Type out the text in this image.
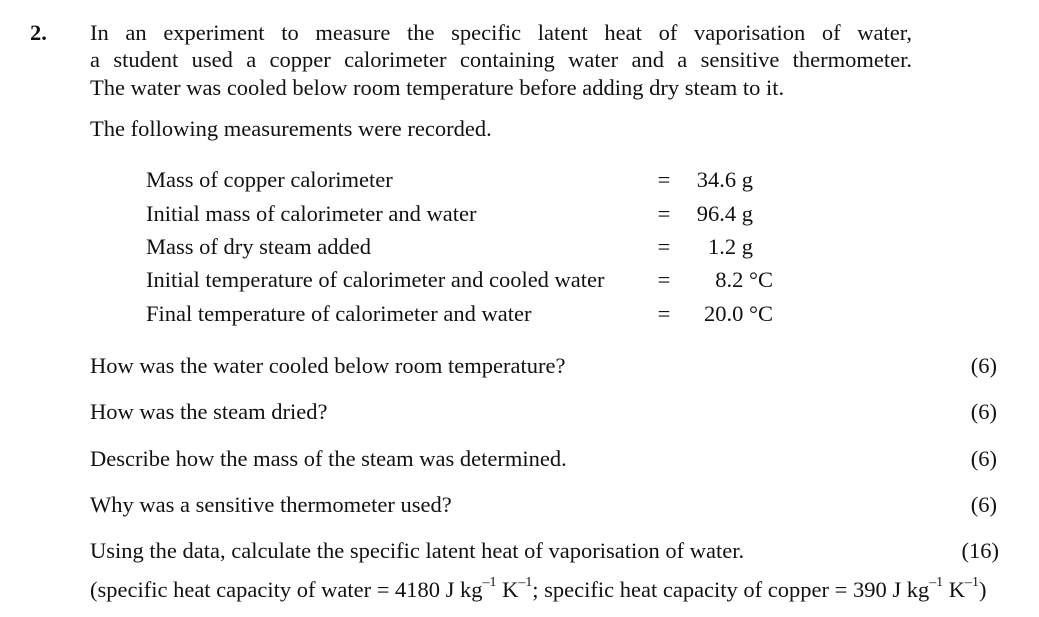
2. In an experiment to measure the specific latent heat of vaporisation of water,
a student used a copper calorimeter containing water and a sensitive thermometer.
The water was cooled below room temperature before adding dry steam to it.
The following measurements were recorded.
Mass of copper calorimeter	=	34.6 g
Initial mass of calorimeter and water	=	96.4 g
Mass of dry steam added	=	1.2 g
Initial temperature of calorimeter and cooled water =	8.2 °C
Final temperature of calorimeter and water	=	20.0 °C
How was the water cooled below room temperature?	(6)
How was the steam dried?	(6)
Describe how the mass of the steam was determined.	(6)
Why was a sensitive thermometer used?	(6)
Using the data, calculate the specific latent heat of vaporisation of water.	(16)
(specific heat capacity of water = 4180 J $kg^{-1}$ $K^{-1}$; specific heat capacity of copper = 390 J $kg^{-1}$ $K^{-1}$)
